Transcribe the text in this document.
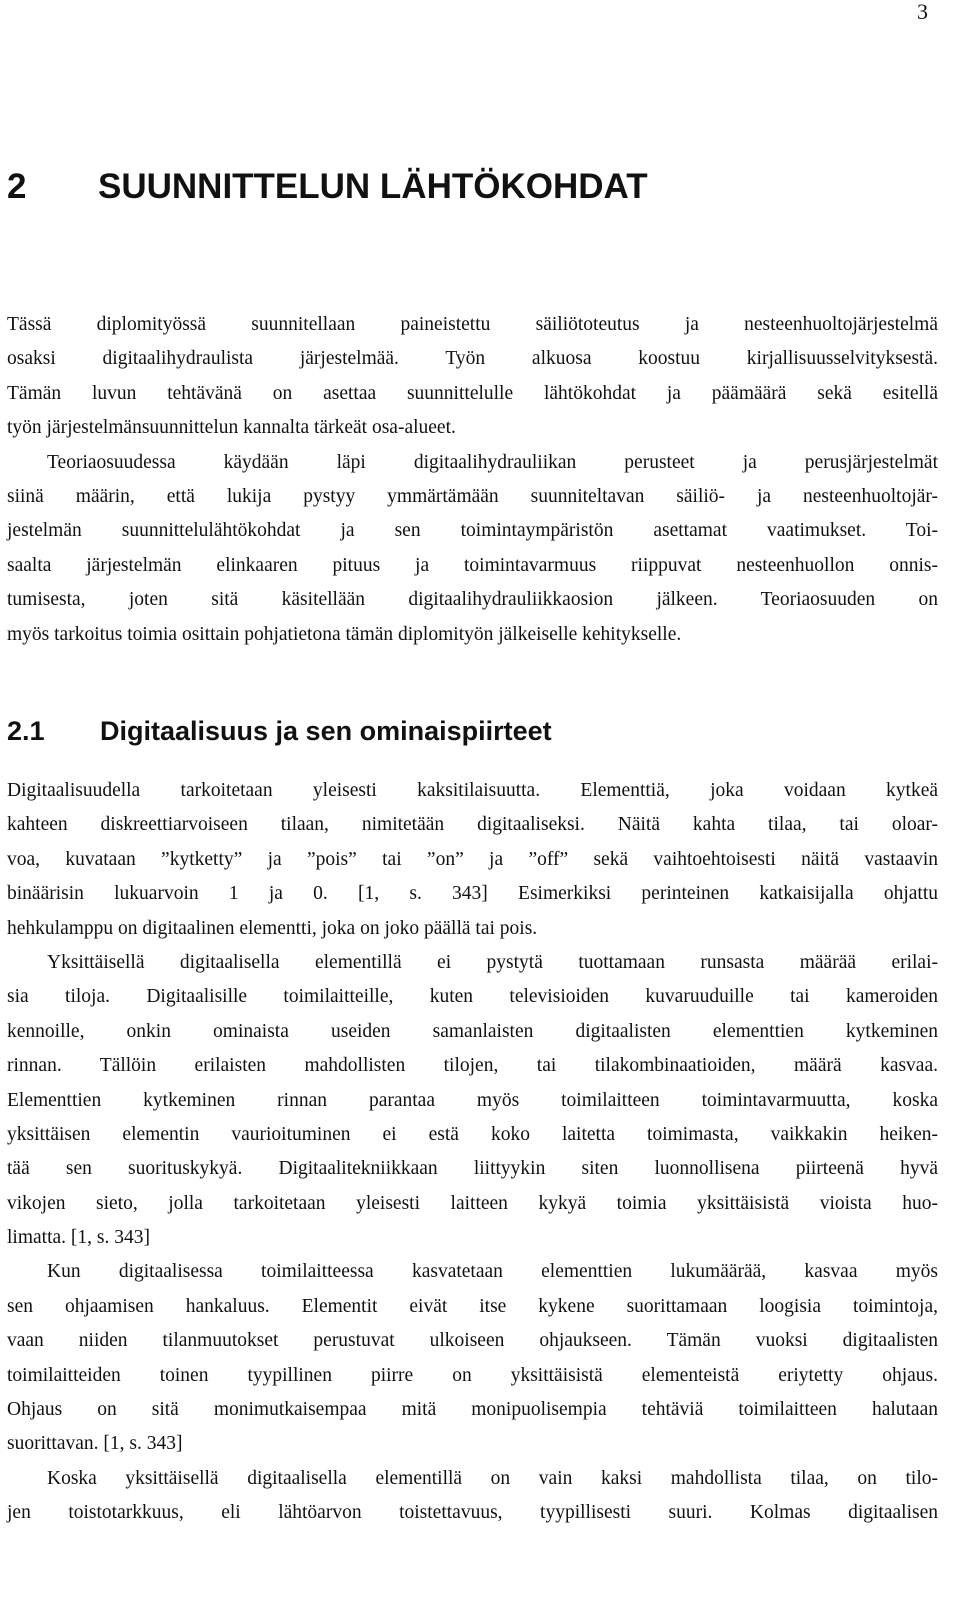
3
2 SUUNNITTELUN LÄHTÖKOHDAT
Tässä diplomityössä suunnitellaan paineistettu säiliötoteutus ja nesteenhuoltojärjestelmä
osaksi digitaalihydraulista järjestelmää. Työn alkuosa koostuu kirjallisuusselvityksestä.
Tämän luvun tehtävänä on asettaa suunnittelulle lähtökohdat ja päämäärä sekä esitellä
työn järjestelmänsuunnittelun kannalta tärkeät osa-alueet.
Teoriaosuudessa käydään läpi digitaalihydrauliikan perusteet ja perusjärjestelmät
siinä määrin, että lukija pystyy ymmärtämään suunniteltavan säiliö- ja nesteenhuoltojär-
jestelmän suunnittelulähtökohdat ja sen toimintaympäristön asettamat vaatimukset. Toi-
saalta järjestelmän elinkaaren pituus ja toimintavarmuus riippuvat nesteenhuollon onnis-
tumisesta, joten sitä käsitellään digitaalihydrauliikkaosion jälkeen. Teoriaosuuden on
myös tarkoitus toimia osittain pohjatietona tämän diplomityön jälkeiselle kehitykselle.
2.1 Digitaalisuus ja sen ominaispiirteet
Digitaalisuudella tarkoitetaan yleisesti kaksitilaisuutta. Elementtiä, joka voidaan kytkeä
kahteen diskreettiarvoiseen tilaan, nimitetään digitaaliseksi. Näitä kahta tilaa, tai oloar-
voa, kuvataan ”kytketty” ja ”pois” tai ”on” ja ”off” sekä vaihtoehtoisesti näitä vastaavin
binäärisin lukuarvoin 1 ja 0. [1, s. 343] Esimerkiksi perinteinen katkaisijalla ohjattu
hehkulamppu on digitaalinen elementti, joka on joko päällä tai pois.
Yksittäisellä digitaalisella elementillä ei pystytä tuottamaan runsasta määrää erilai-
sia tiloja. Digitaalisille toimilaitteille, kuten televisioiden kuvaruuduille tai kameroiden
kennoille, onkin ominaista useiden samanlaisten digitaalisten elementtien kytkeminen
rinnan. Tällöin erilaisten mahdollisten tilojen, tai tilakombinaatioiden, määrä kasvaa.
Elementtien kytkeminen rinnan parantaa myös toimilaitteen toimintavarmuutta, koska
yksittäisen elementin vaurioituminen ei estä koko laitetta toimimasta, vaikkakin heiken-
tää sen suorituskykyä. Digitaalitekniikkaan liittyykin siten luonnollisena piirteenä hyvä
vikojen sieto, jolla tarkoitetaan yleisesti laitteen kykyä toimia yksittäisistä vioista huo-
limatta. [1, s. 343]
Kun digitaalisessa toimilaitteessa kasvatetaan elementtien lukumäärää, kasvaa myös
sen ohjaamisen hankaluus. Elementit eivät itse kykene suorittamaan loogisia toimintoja,
vaan niiden tilanmuutokset perustuvat ulkoiseen ohjaukseen. Tämän vuoksi digitaalisten
toimilaitteiden toinen tyypillinen piirre on yksittäisistä elementeistä eriytetty ohjaus.
Ohjaus on sitä monimutkaisempaa mitä monipuolisempia tehtäviä toimilaitteen halutaan
suorittavan. [1, s. 343]
Koska yksittäisellä digitaalisella elementillä on vain kaksi mahdollista tilaa, on tilo-
jen toistotarkkuus, eli lähtöarvon toistettavuus, tyypillisesti suuri. Kolmas digitaalisen
